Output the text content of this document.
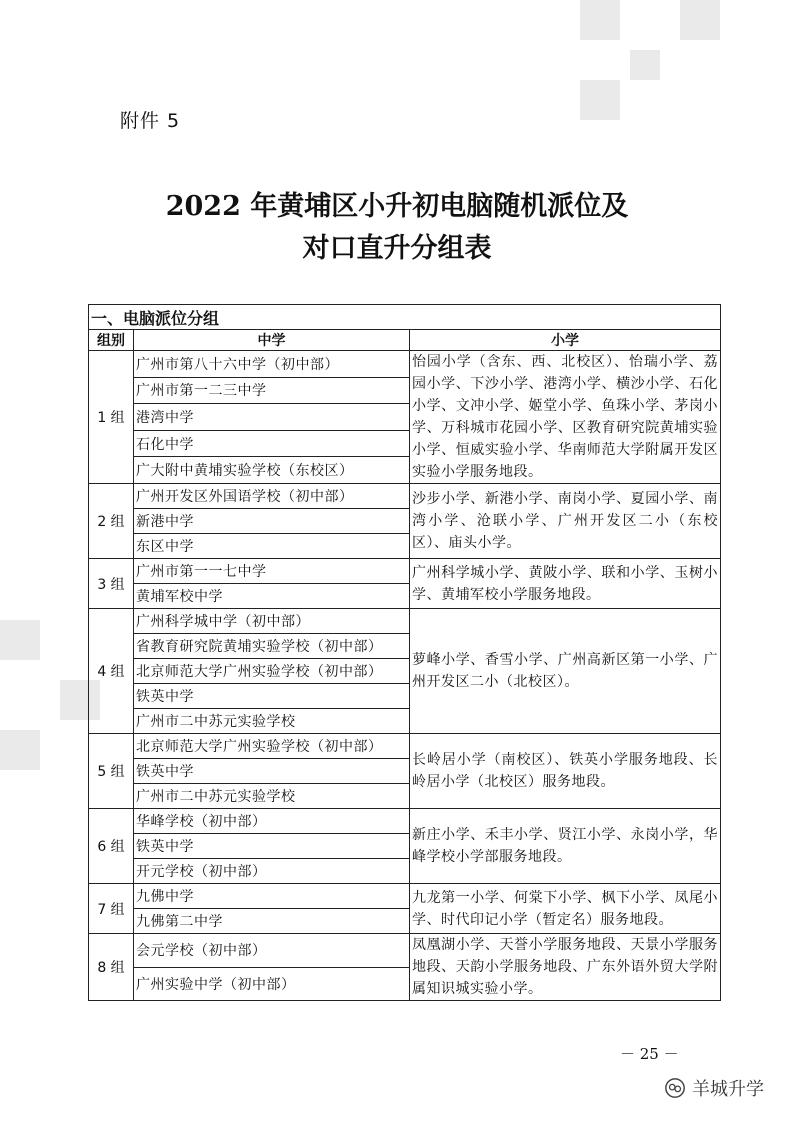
附件 5
2022 年黄埔区小升初电脑随机派位及
对口直升分组表
一、电脑派位分组		
组别	中学	小学
1 组	广州市第八十六中学（初中部）	怡园小学（含东、西、北校区）、怡瑞小学、荔园小学、下沙小学、港湾小学、横沙小学、石化小学、文冲小学、姬堂小学、鱼珠小学、茅岗小学、万科城市花园小学、区教育研究院黄埔实验小学、恒威实验小学、华南师范大学附属开发区实验小学服务地段。
	广州市第一二三中学	
	港湾中学	
	石化中学	
	广大附中黄埔实验学校（东校区）	
2 组	广州开发区外国语学校（初中部）	沙步小学、新港小学、南岗小学、夏园小学、南湾小学、沧联小学、广州开发区二小（东校区）、庙头小学。
	新港中学	
	东区中学	
3 组	广州市第一一七中学	广州科学城小学、黄陂小学、联和小学、玉树小学、黄埔军校小学服务地段。
	黄埔军校中学	
4 组	广州科学城中学（初中部）	萝峰小学、香雪小学、广州高新区第一小学、广州开发区二小（北校区）。
	省教育研究院黄埔实验学校（初中部）	
	北京师范大学广州实验学校（初中部）	
	铁英中学	
	广州市二中苏元实验学校	
5 组	北京师范大学广州实验学校（初中部）	长岭居小学（南校区）、铁英小学服务地段、长岭居小学（北校区）服务地段。
	铁英中学	
	广州市二中苏元实验学校	
6 组	华峰学校（初中部）	新庄小学、禾丰小学、贤江小学、永岗小学，华峰学校小学部服务地段。
	铁英中学	
	开元学校（初中部）	
7 组	九佛中学	九龙第一小学、何棠下小学、枫下小学、凤尾小学、时代印记小学（暂定名）服务地段。
	九佛第二中学	
8 组	会元学校（初中部）	凤凰湖小学、天誉小学服务地段、天景小学服务地段、天韵小学服务地段、广东外语外贸大学附属知识城实验小学。
	广州实验中学（初中部）	
－ 25 －
羊城升学
